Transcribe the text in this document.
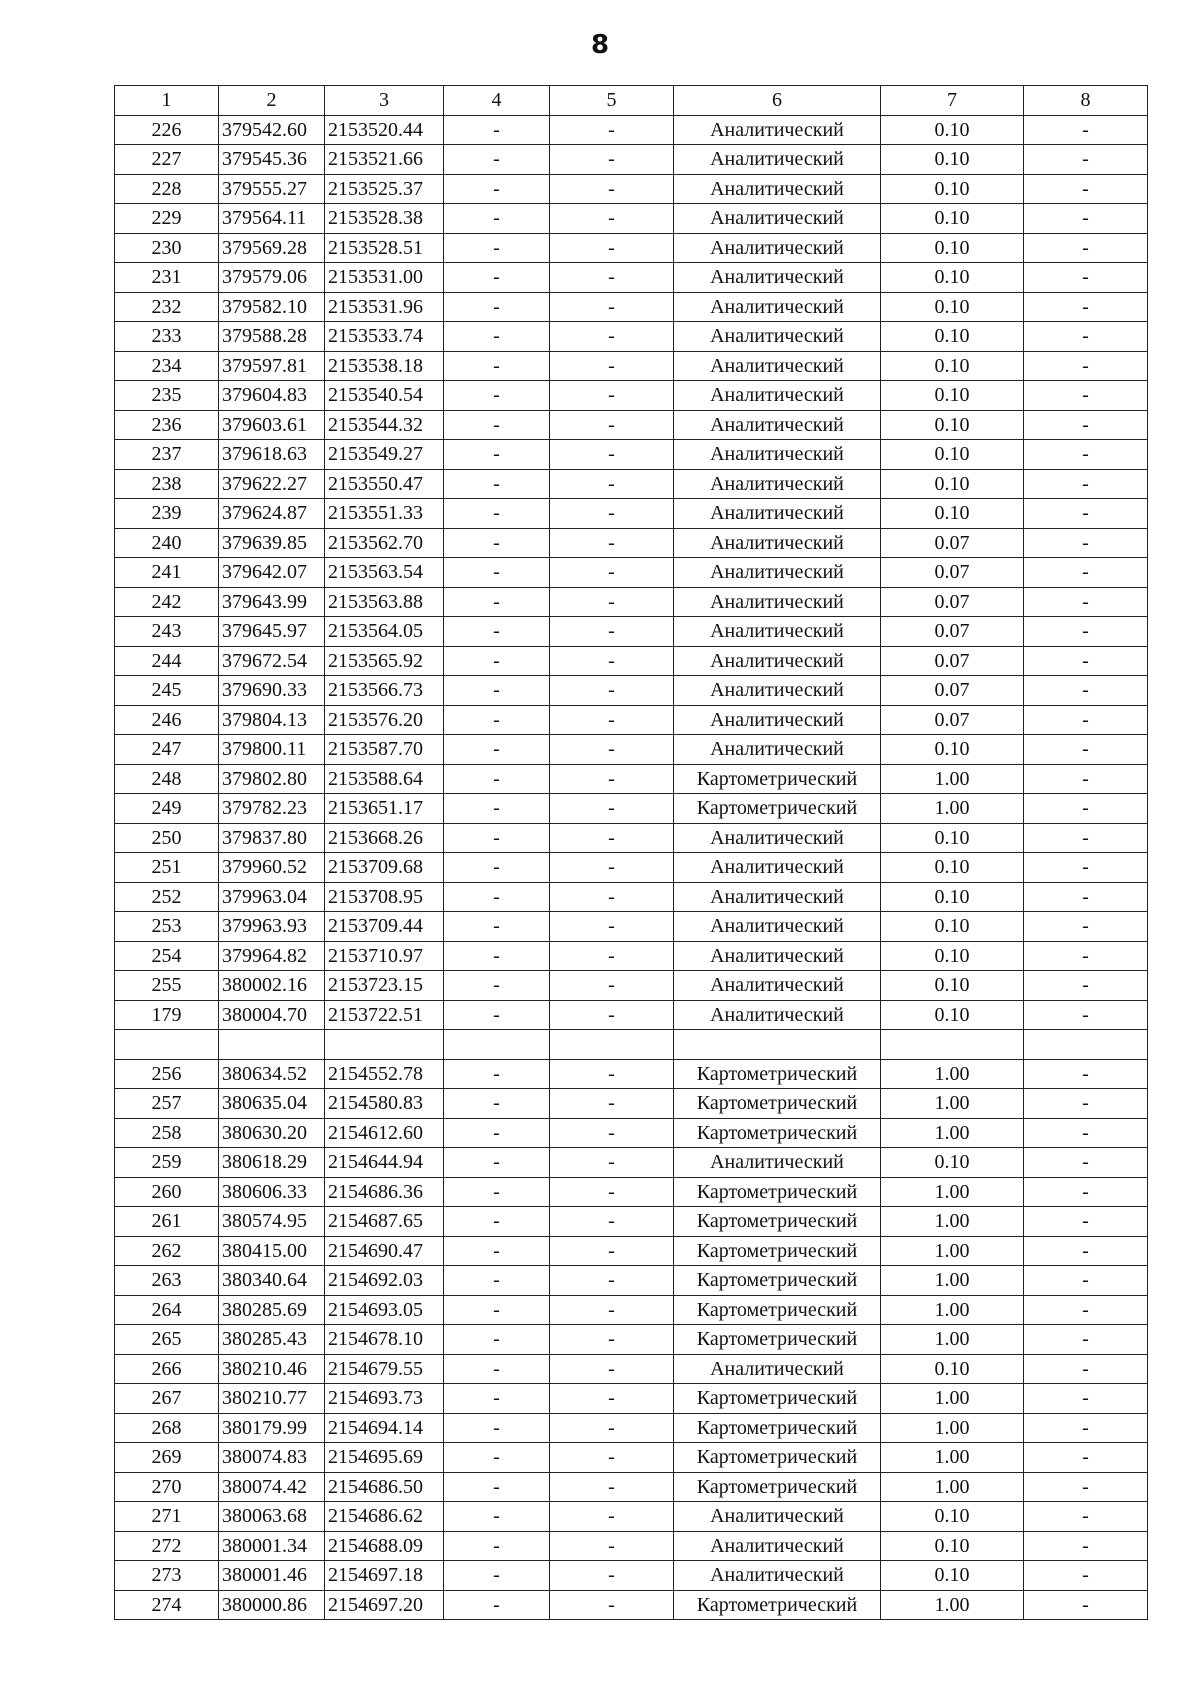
8
1	2	3	4	5	6	7	8
226	379542.60	2153520.44	-	-	Аналитический	0.10	-
227	379545.36	2153521.66	-	-	Аналитический	0.10	-
228	379555.27	2153525.37	-	-	Аналитический	0.10	-
229	379564.11	2153528.38	-	-	Аналитический	0.10	-
230	379569.28	2153528.51	-	-	Аналитический	0.10	-
231	379579.06	2153531.00	-	-	Аналитический	0.10	-
232	379582.10	2153531.96	-	-	Аналитический	0.10	-
233	379588.28	2153533.74	-	-	Аналитический	0.10	-
234	379597.81	2153538.18	-	-	Аналитический	0.10	-
235	379604.83	2153540.54	-	-	Аналитический	0.10	-
236	379603.61	2153544.32	-	-	Аналитический	0.10	-
237	379618.63	2153549.27	-	-	Аналитический	0.10	-
238	379622.27	2153550.47	-	-	Аналитический	0.10	-
239	379624.87	2153551.33	-	-	Аналитический	0.10	-
240	379639.85	2153562.70	-	-	Аналитический	0.07	-
241	379642.07	2153563.54	-	-	Аналитический	0.07	-
242	379643.99	2153563.88	-	-	Аналитический	0.07	-
243	379645.97	2153564.05	-	-	Аналитический	0.07	-
244	379672.54	2153565.92	-	-	Аналитический	0.07	-
245	379690.33	2153566.73	-	-	Аналитический	0.07	-
246	379804.13	2153576.20	-	-	Аналитический	0.07	-
247	379800.11	2153587.70	-	-	Аналитический	0.10	-
248	379802.80	2153588.64	-	-	Картометрический	1.00	-
249	379782.23	2153651.17	-	-	Картометрический	1.00	-
250	379837.80	2153668.26	-	-	Аналитический	0.10	-
251	379960.52	2153709.68	-	-	Аналитический	0.10	-
252	379963.04	2153708.95	-	-	Аналитический	0.10	-
253	379963.93	2153709.44	-	-	Аналитический	0.10	-
254	379964.82	2153710.97	-	-	Аналитический	0.10	-
255	380002.16	2153723.15	-	-	Аналитический	0.10	-
179	380004.70	2153722.51	-	-	Аналитический	0.10	-

256	380634.52	2154552.78	-	-	Картометрический	1.00	-
257	380635.04	2154580.83	-	-	Картометрический	1.00	-
258	380630.20	2154612.60	-	-	Картометрический	1.00	-
259	380618.29	2154644.94	-	-	Аналитический	0.10	-
260	380606.33	2154686.36	-	-	Картометрический	1.00	-
261	380574.95	2154687.65	-	-	Картометрический	1.00	-
262	380415.00	2154690.47	-	-	Картометрический	1.00	-
263	380340.64	2154692.03	-	-	Картометрический	1.00	-
264	380285.69	2154693.05	-	-	Картометрический	1.00	-
265	380285.43	2154678.10	-	-	Картометрический	1.00	-
266	380210.46	2154679.55	-	-	Аналитический	0.10	-
267	380210.77	2154693.73	-	-	Картометрический	1.00	-
268	380179.99	2154694.14	-	-	Картометрический	1.00	-
269	380074.83	2154695.69	-	-	Картометрический	1.00	-
270	380074.42	2154686.50	-	-	Картометрический	1.00	-
271	380063.68	2154686.62	-	-	Аналитический	0.10	-
272	380001.34	2154688.09	-	-	Аналитический	0.10	-
273	380001.46	2154697.18	-	-	Аналитический	0.10	-
274	380000.86	2154697.20	-	-	Картометрический	1.00	-
